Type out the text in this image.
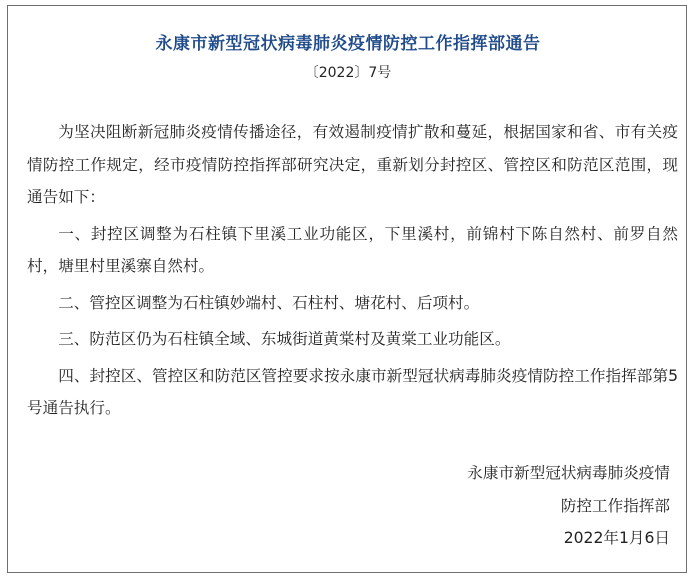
永康市新型冠状病毒肺炎疫情防控工作指挥部通告
〔2022〕7号

为坚决阻断新冠肺炎疫情传播途径，有效遏制疫情扩散和蔓延，根据国家和省、市有关疫情防控工作规定，经市疫情防控指挥部研究决定，重新划分封控区、管控区和防范区范围，现通告如下：

一、封控区调整为石柱镇下里溪工业功能区，下里溪村，前锦村下陈自然村、前罗自然村，塘里村里溪寨自然村。

二、管控区调整为石柱镇妙端村、石柱村、塘花村、后项村。

三、防范区仍为石柱镇全域、东城街道黄棠村及黄棠工业功能区。

四、封控区、管控区和防范区管控要求按永康市新型冠状病毒肺炎疫情防控工作指挥部第5号通告执行。

永康市新型冠状病毒肺炎疫情
防控工作指挥部
2022年1月6日
